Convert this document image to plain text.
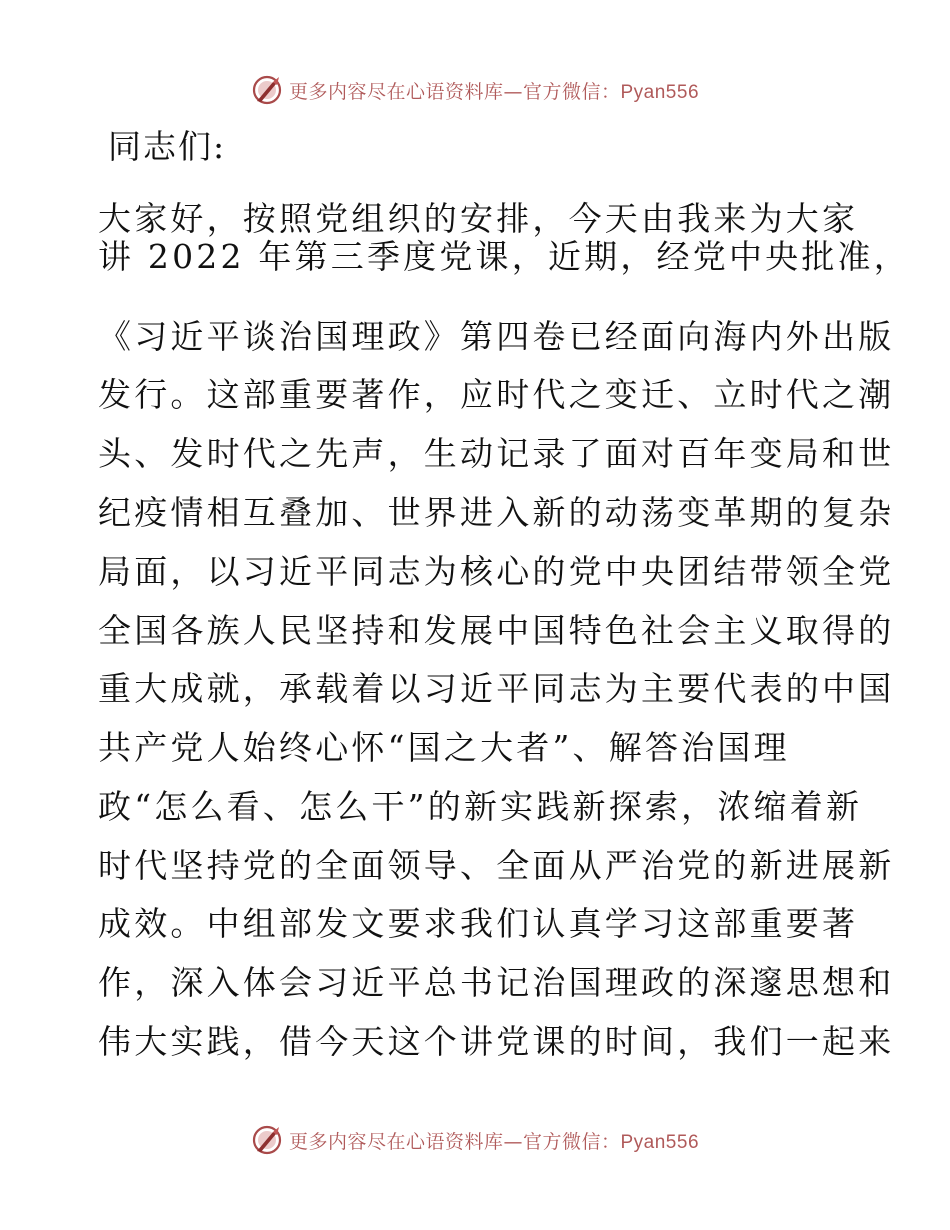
更多内容尽在心语资料库—官方微信：Pyan556
同志们:
大家好，按照党组织的安排，今天由我来为大家
讲 2022 年第三季度党课，近期，经党中央批准，
《习近平谈治国理政》第四卷已经面向海内外出版
发行。这部重要著作，应时代之变迁、立时代之潮
头、发时代之先声，生动记录了面对百年变局和世
纪疫情相互叠加、世界进入新的动荡变革期的复杂
局面，以习近平同志为核心的党中央团结带领全党
全国各族人民坚持和发展中国特色社会主义取得的
重大成就，承载着以习近平同志为主要代表的中国
共产党人始终心怀“国之大者”、解答治国理
政“怎么看、怎么干”的新实践新探索，浓缩着新
时代坚持党的全面领导、全面从严治党的新进展新
成效。中组部发文要求我们认真学习这部重要著
作，深入体会习近平总书记治国理政的深邃思想和
伟大实践，借今天这个讲党课的时间，我们一起来
更多内容尽在心语资料库—官方微信：Pyan556
